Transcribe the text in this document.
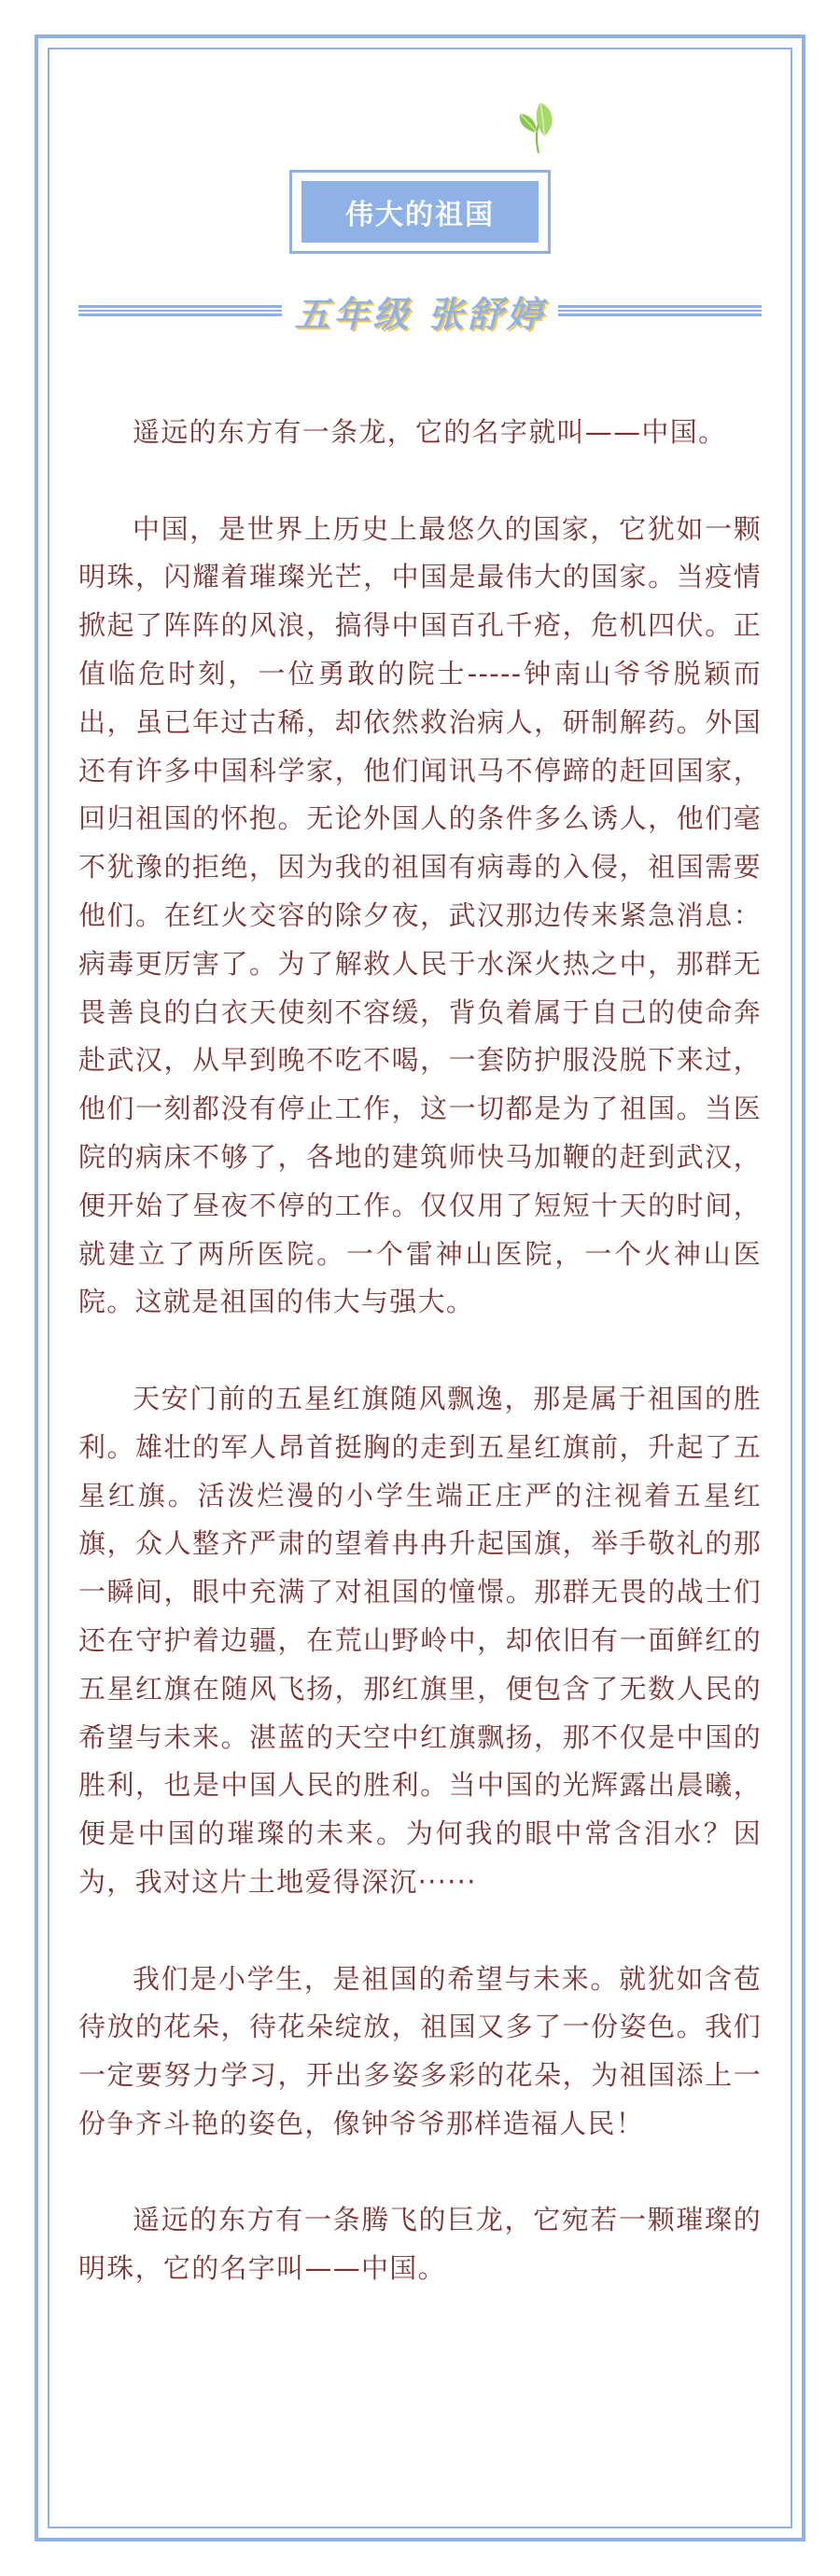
伟大的祖国
五年级 张舒婷

遥远的东方有一条龙，它的名字就叫——中国。

中国，是世界上历史上最悠久的国家，它犹如一颗明珠，闪耀着璀璨光芒，中国是最伟大的国家。当疫情掀起了阵阵的风浪，搞得中国百孔千疮，危机四伏。正值临危时刻，一位勇敢的院士-----钟南山爷爷脱颖而出，虽已年过古稀，却依然救治病人，研制解药。外国还有许多中国科学家，他们闻讯马不停蹄的赶回国家，回归祖国的怀抱。无论外国人的条件多么诱人，他们毫不犹豫的拒绝，因为我的祖国有病毒的入侵，祖国需要他们。在红火交容的除夕夜，武汉那边传来紧急消息：病毒更厉害了。为了解救人民于水深火热之中，那群无畏善良的白衣天使刻不容缓，背负着属于自己的使命奔赴武汉，从早到晚不吃不喝，一套防护服没脱下来过，他们一刻都没有停止工作，这一切都是为了祖国。当医院的病床不够了，各地的建筑师快马加鞭的赶到武汉，便开始了昼夜不停的工作。仅仅用了短短十天的时间，就建立了两所医院。一个雷神山医院，一个火神山医院。这就是祖国的伟大与强大。

天安门前的五星红旗随风飘逸，那是属于祖国的胜利。雄壮的军人昂首挺胸的走到五星红旗前，升起了五星红旗。活泼烂漫的小学生端正庄严的注视着五星红旗，众人整齐严肃的望着冉冉升起国旗，举手敬礼的那一瞬间，眼中充满了对祖国的憧憬。那群无畏的战士们还在守护着边疆，在荒山野岭中，却依旧有一面鲜红的五星红旗在随风飞扬，那红旗里，便包含了无数人民的希望与未来。湛蓝的天空中红旗飘扬，那不仅是中国的胜利，也是中国人民的胜利。当中国的光辉露出晨曦，便是中国的璀璨的未来。为何我的眼中常含泪水？因为，我对这片土地爱得深沉······

我们是小学生，是祖国的希望与未来。就犹如含苞待放的花朵，待花朵绽放，祖国又多了一份姿色。我们一定要努力学习，开出多姿多彩的花朵，为祖国添上一份争齐斗艳的姿色，像钟爷爷那样造福人民！

遥远的东方有一条腾飞的巨龙，它宛若一颗璀璨的明珠，它的名字叫——中国。
